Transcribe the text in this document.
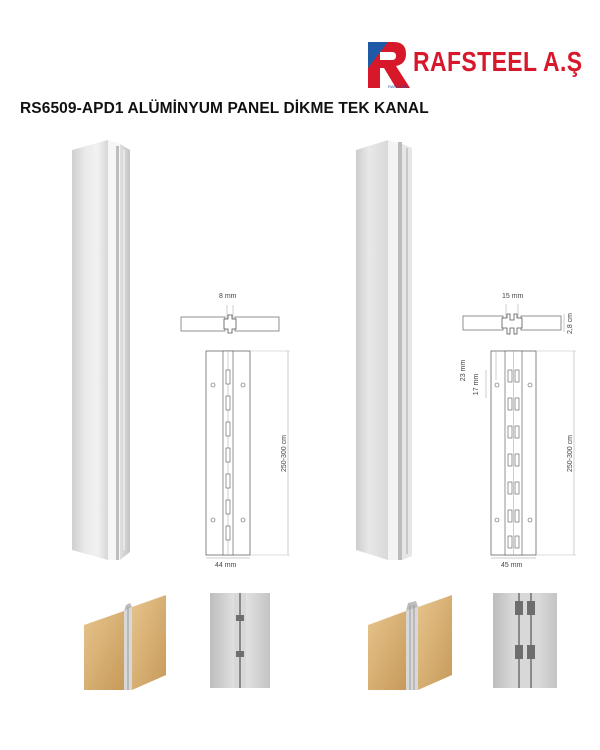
RAFSTEEL
RAFSTEEL A.Ş
RS6509-APD1 ALÜMİNYUM PANEL DİKME TEK KANAL
8 mm
250-300 cm
44 mm
15 mm
2,8 cm
23 mm
17 mm
250-300 cm
45 mm
